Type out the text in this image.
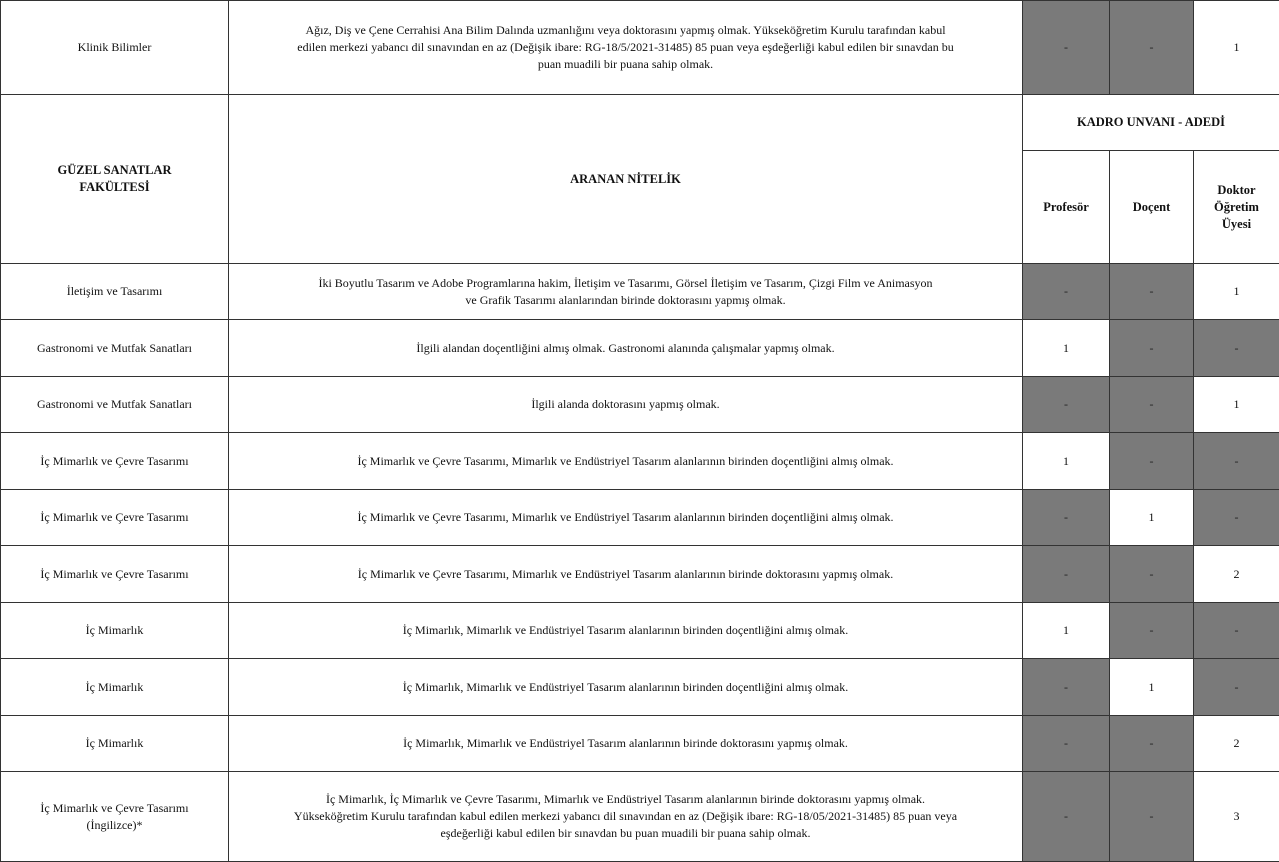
Klinik Bilimler	Ağız, Diş ve Çene Cerrahisi Ana Bilim Dalında uzmanlığını veya doktorasını yapmış olmak. Yükseköğretim Kurulu tarafından kabul
edilen merkezi yabancı dil sınavından en az (Değişik ibare: RG-18/5/2021-31485) 85 puan veya eşdeğerliği kabul edilen bir sınavdan bu
puan muadili bir puana sahip olmak.	-	-	1
GÜZEL SANATLAR
FAKÜLTESİ	ARANAN NİTELİK	KADRO UNVANI - ADEDİ		
		Profesör	Doçent	Doktor
Öğretim
Üyesi
İletişim ve Tasarımı	İki Boyutlu Tasarım ve Adobe Programlarına hakim, İletişim ve Tasarımı, Görsel İletişim ve Tasarım, Çizgi Film ve Animasyon
ve Grafik Tasarımı alanlarından birinde doktorasını yapmış olmak.	-	-	1
Gastronomi ve Mutfak Sanatları	İlgili alandan doçentliğini almış olmak. Gastronomi alanında çalışmalar yapmış olmak.	1	-	-
Gastronomi ve Mutfak Sanatları	İlgili alanda doktorasını yapmış olmak.	-	-	1
İç Mimarlık ve Çevre Tasarımı	İç Mimarlık ve Çevre Tasarımı, Mimarlık ve Endüstriyel Tasarım alanlarının birinden doçentliğini almış olmak.	1	-	-
İç Mimarlık ve Çevre Tasarımı	İç Mimarlık ve Çevre Tasarımı, Mimarlık ve Endüstriyel Tasarım alanlarının birinden doçentliğini almış olmak.	-	1	-
İç Mimarlık ve Çevre Tasarımı	İç Mimarlık ve Çevre Tasarımı, Mimarlık ve Endüstriyel Tasarım alanlarının birinde doktorasını yapmış olmak.	-	-	2
İç Mimarlık	İç Mimarlık, Mimarlık ve Endüstriyel Tasarım alanlarının birinden doçentliğini almış olmak.	1	-	-
İç Mimarlık	İç Mimarlık, Mimarlık ve Endüstriyel Tasarım alanlarının birinden doçentliğini almış olmak.	-	1	-
İç Mimarlık	İç Mimarlık, Mimarlık ve Endüstriyel Tasarım alanlarının birinde doktorasını yapmış olmak.	-	-	2
İç Mimarlık ve Çevre Tasarımı
(İngilizce)*	İç Mimarlık, İç Mimarlık ve Çevre Tasarımı, Mimarlık ve Endüstriyel Tasarım alanlarının birinde doktorasını yapmış olmak.
Yükseköğretim Kurulu tarafından kabul edilen merkezi yabancı dil sınavından en az (Değişik ibare: RG-18/05/2021-31485) 85 puan veya
eşdeğerliği kabul edilen bir sınavdan bu puan muadili bir puana sahip olmak.	-	-	3
